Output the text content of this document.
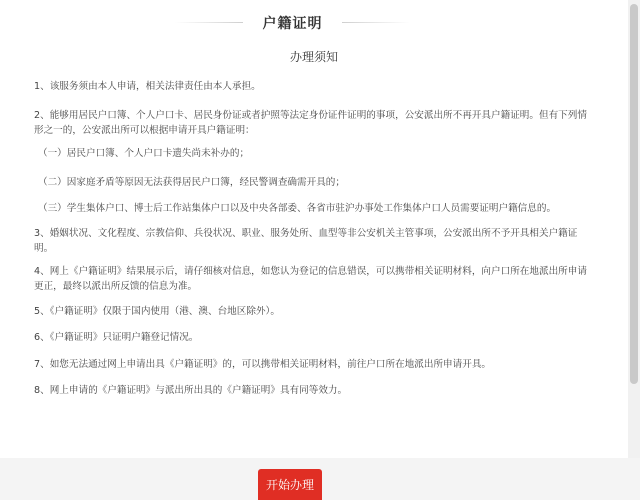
户籍证明
办理须知
1、该服务须由本人申请，相关法律责任由本人承担。
2、能够用居民户口簿、个人户口卡、居民身份证或者护照等法定身份证件证明的事项，公安派出所不再开具户籍证明。但有下列情形之一的，公安派出所可以根据申请开具户籍证明：
（一）居民户口簿、个人户口卡遗失尚未补办的；
（二）因家庭矛盾等原因无法获得居民户口簿，经民警调查确需开具的；
（三）学生集体户口、博士后工作站集体户口以及中央各部委、各省市驻沪办事处工作集体户口人员需要证明户籍信息的。
3、婚姻状况、文化程度、宗教信仰、兵役状况、职业、服务处所、血型等非公安机关主管事项，公安派出所不予开具相关户籍证明。
4、网上《户籍证明》结果展示后，请仔细核对信息，如您认为登记的信息错误，可以携带相关证明材料，向户口所在地派出所申请更正，最终以派出所反馈的信息为准。
5、《户籍证明》仅限于国内使用（港、澳、台地区除外）。
6、《户籍证明》只证明户籍登记情况。
7、如您无法通过网上申请出具《户籍证明》的，可以携带相关证明材料，前往户口所在地派出所申请开具。
8、网上申请的《户籍证明》与派出所出具的《户籍证明》具有同等效力。
开始办理
